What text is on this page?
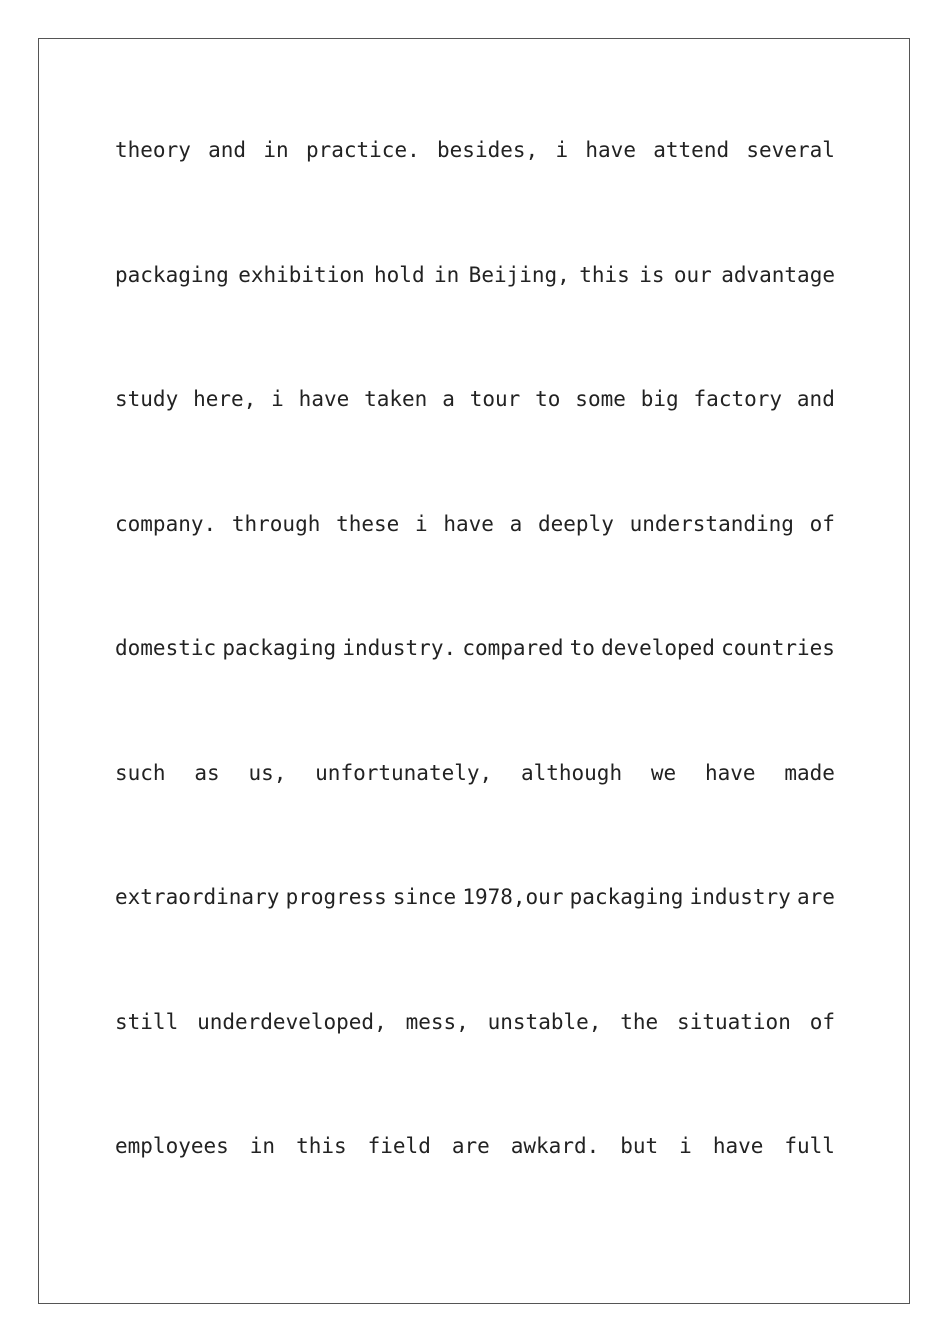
theory and in practice. besides, i have attend several
packaging exhibition hold in Beijing, this is our advantage
study here, i have taken a tour to some big factory and
company. through these i have a deeply understanding of
domestic packaging industry. compared to developed countries
such as us, unfortunately, although we have made
extraordinary progress since 1978,our packaging industry are
still underdeveloped, mess, unstable, the situation of
employees in this field are awkard. but i have full
